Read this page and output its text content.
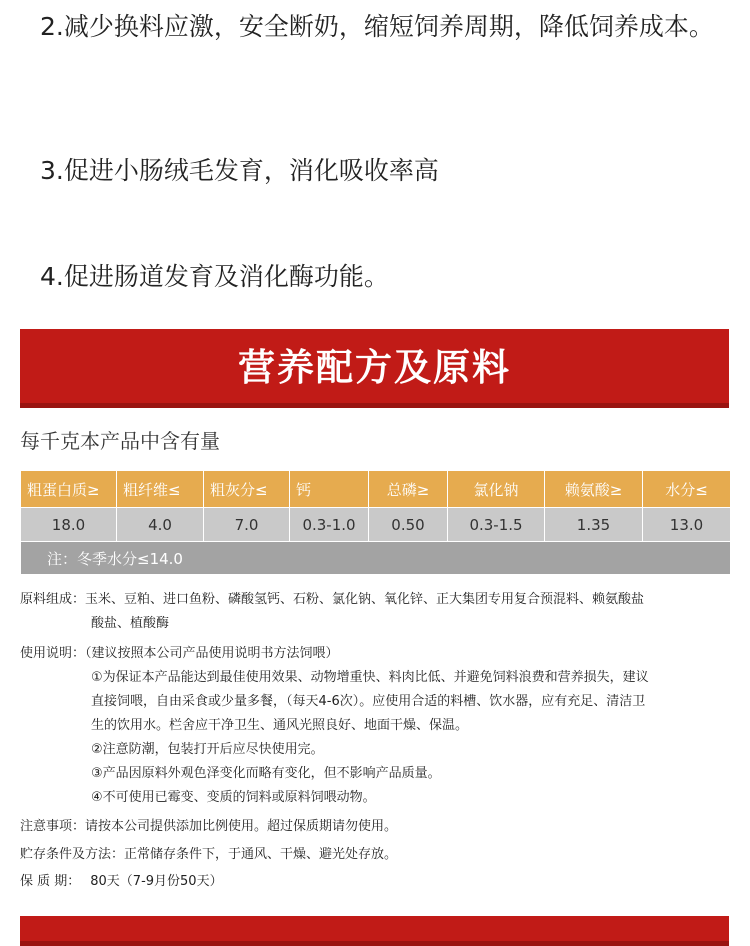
2.减少换料应激，安全断奶，缩短饲养周期，降低饲养成本。

3.促进小肠绒毛发育，消化吸收率高

4.促进肠道发育及消化酶功能。

营养配方及原料
每千克本产品中含有量
粗蛋白质≥	粗纤维≤	粗灰分≤	钙	总磷≥	氯化钠	赖氨酸≥	水分≤
18.0	4.0	7.0	0.3-1.0	0.50	0.3-1.5	1.35	13.0
注：冬季水分≤14.0							
原料组成：玉米、豆粕、进口鱼粉、磷酸氢钙、石粉、氯化钠、氧化锌、正大集团专用复合预混料、赖氨酸盐
酸盐、植酸酶
使用说明：（建议按照本公司产品使用说明书方法饲喂）
①为保证本产品能达到最佳使用效果、动物增重快、料肉比低、并避免饲料浪费和营养损失，建议
直接饲喂，自由采食或少量多餐，（每天4-6次）。应使用合适的料槽、饮水器，应有充足、清洁卫
生的饮用水。栏舍应干净卫生、通风光照良好、地面干燥、保温。
②注意防潮，包装打开后应尽快使用完。
③产品因原料外观色泽变化而略有变化，但不影响产品质量。
④不可使用已霉变、变质的饲料或原料饲喂动物。
注意事项：请按本公司提供添加比例使用。超过保质期请勿使用。
贮存条件及方法：正常储存条件下，于通风、干燥、避光处存放。
保 质 期： 80天（7-9月份50天）
